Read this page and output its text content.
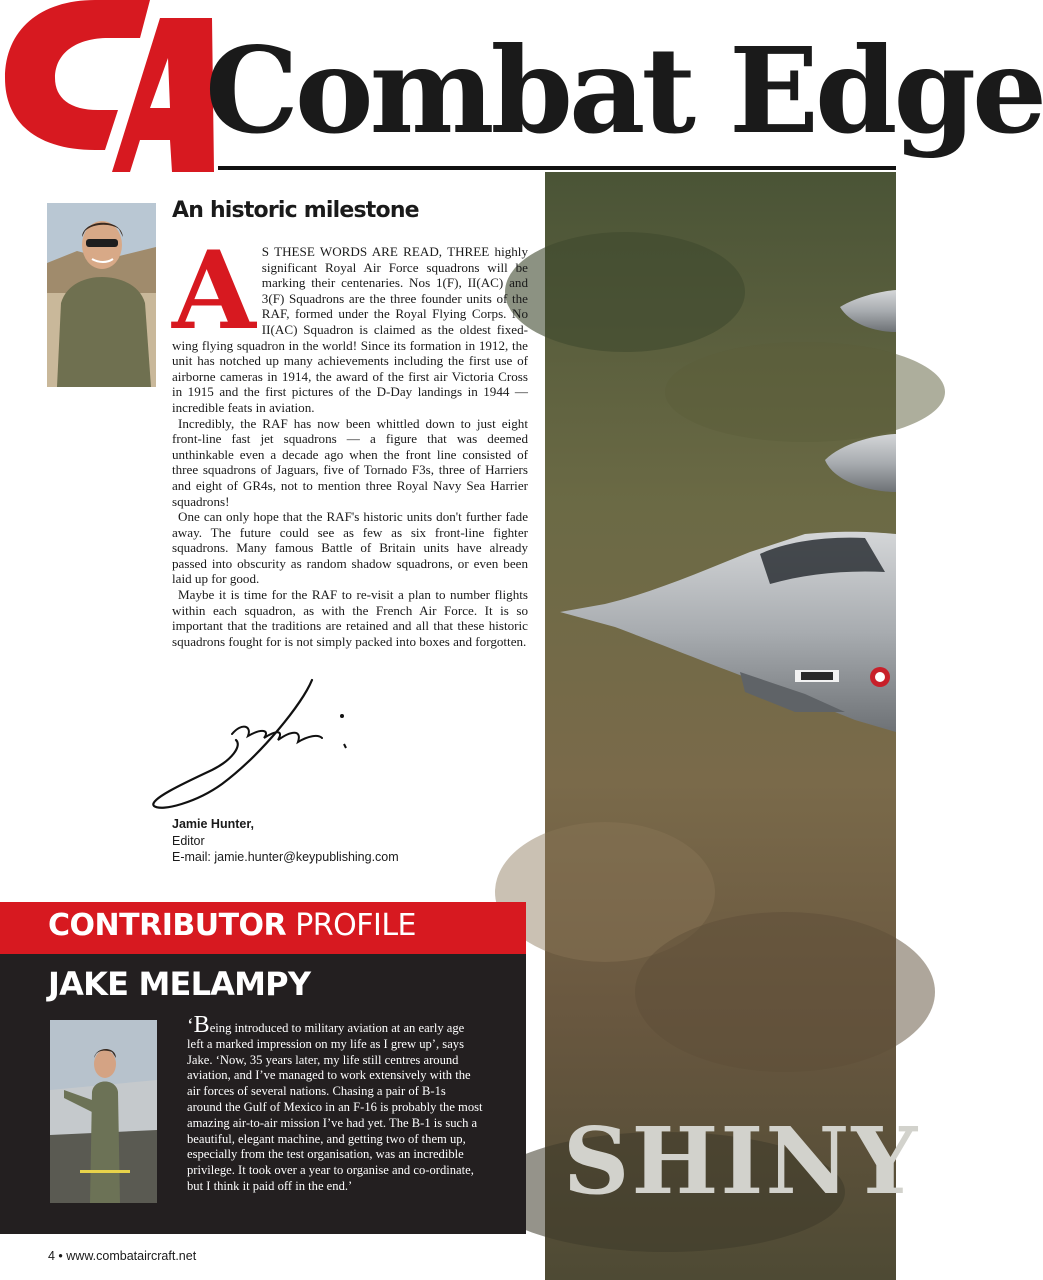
Combat Edge
SHINY
An historic milestone
A S THESE WORDS ARE READ, THREE highly significant Royal Air Force squadrons will be marking their centenaries. Nos 1(F), II(AC) and 3(F) Squadrons are the three founder units of the RAF, formed under the Royal Flying Corps. No II(AC) Squadron is claimed as the oldest fixed-wing flying squadron in the world! Since its formation in 1912, the unit has notched up many achievements including the first use of airborne cameras in 1914, the award of the first air Victoria Cross in 1915 and the first pictures of the D-Day landings in 1944 — incredible feats in aviation.

Incredibly, the RAF has now been whittled down to just eight front-line fast jet squadrons — a figure that was deemed unthinkable even a decade ago when the front line consisted of three squadrons of Jaguars, five of Tornado F3s, three of Harriers and eight of GR4s, not to mention three Royal Navy Sea Harrier squadrons!

One can only hope that the RAF's historic units don't further fade away. The future could see as few as six front-line fighter squadrons. Many famous Battle of Britain units have already passed into obscurity as random shadow squadrons, or even been laid up for good.

Maybe it is time for the RAF to re-visit a plan to number flights within each squadron, as with the French Air Force. It is so important that the traditions are retained and all that these historic squadrons fought for is not simply packed into boxes and forgotten.

Jamie Hunter,
Editor
E-mail: jamie.hunter@keypublishing.com
CONTRIBUTOR PROFILE
JAKE MELAMPY

‘Being introduced to military aviation at an early age left a marked impression on my life as I grew up’, says Jake. ‘Now, 35 years later, my life still centres around aviation, and I’ve managed to work extensively with the air forces of several nations. Chasing a pair of B-1s around the Gulf of Mexico in an F-16 is probably the most amazing air-to-air mission I’ve had yet. The B-1 is such a beautiful, elegant machine, and getting two of them up, especially from the test organisation, was an incredible privilege. It took over a year to organise and co-ordinate, but I think it paid off in the end.’

4 • www.combataircraft.net
